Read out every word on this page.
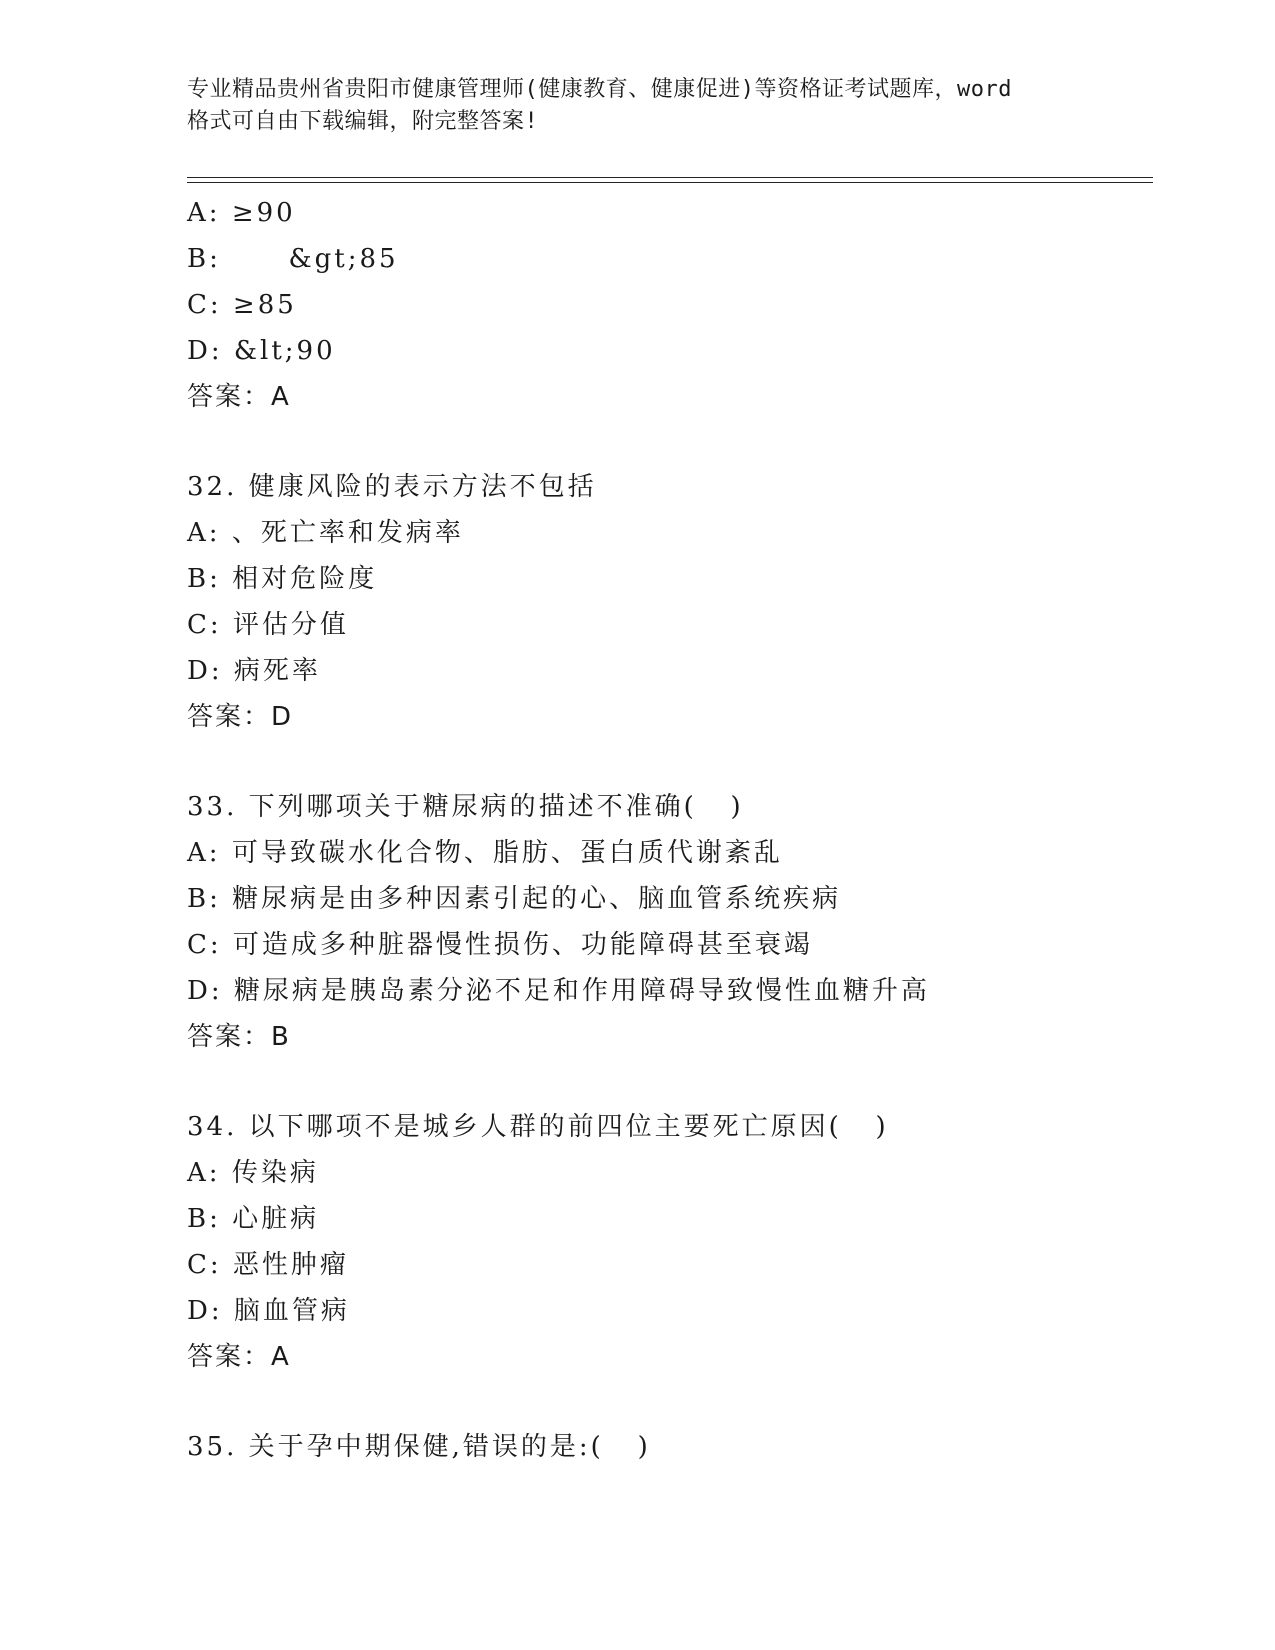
专业精品贵州省贵阳市健康管理师(健康教育、健康促进)等资格证考试题库，word
格式可自由下载编辑，附完整答案!
A: ≥90
B:      &gt;85
C: ≥85
D: &lt;90
答案：A
32. 健康风险的表示方法不包括
A: 、死亡率和发病率
B: 相对危险度
C: 评估分值
D: 病死率
答案：D
33. 下列哪项关于糖尿病的描述不准确(   )
A: 可导致碳水化合物、脂肪、蛋白质代谢紊乱
B: 糖尿病是由多种因素引起的心、脑血管系统疾病
C: 可造成多种脏器慢性损伤、功能障碍甚至衰竭
D: 糖尿病是胰岛素分泌不足和作用障碍导致慢性血糖升高
答案：B
34. 以下哪项不是城乡人群的前四位主要死亡原因(   )
A: 传染病
B: 心脏病
C: 恶性肿瘤
D: 脑血管病
答案：A
35. 关于孕中期保健,错误的是:(   )
